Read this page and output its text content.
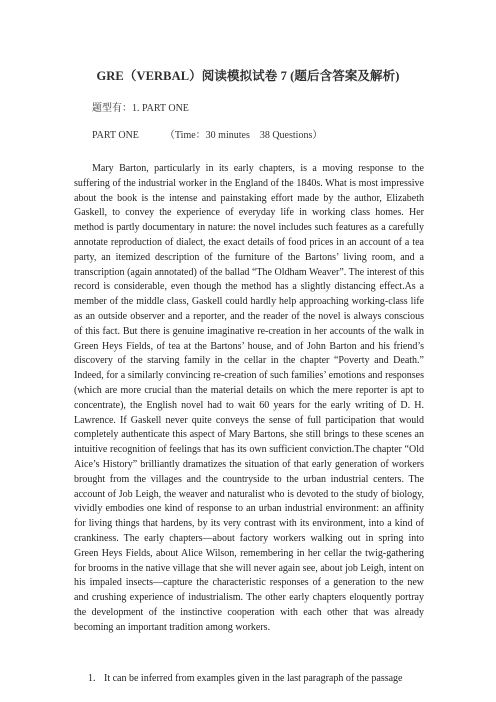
GRE（VERBAL）阅读模拟试卷 7 (题后含答案及解析)
题型有：1. PART ONE
PART ONE	（Time：30 minutes　38 Questions）

Mary Barton, particularly in its early chapters, is a moving response to the suffering of the industrial worker in the England of the 1840s. What is most impressive about the book is the intense and painstaking effort made by the author, Elizabeth Gaskell, to convey the experience of everyday life in working class homes. Her method is partly documentary in nature: the novel includes such features as a carefully annotate reproduction of dialect, the exact details of food prices in an account of a tea party, an itemized description of the furniture of the Bartons’ living room, and a transcription (again annotated) of the ballad “The Oldham Weaver”. The interest of this record is considerable, even though the method has a slightly distancing effect.As a member of the middle class, Gaskell could hardly help approaching working-class life as an outside observer and a reporter, and the reader of the novel is always conscious of this fact. But there is genuine imaginative re-creation in her accounts of the walk in Green Heys Fields, of tea at the Bartons’ house, and of John Barton and his friend’s discovery of the starving family in the cellar in the chapter “Poverty and Death.” Indeed, for a similarly convincing re-creation of such families’ emotions and responses (which are more crucial than the material details on which the mere reporter is apt to concentrate), the English novel had to wait 60 years for the early writing of D. H. Lawrence. If Gaskell never quite conveys the sense of full participation that would completely authenticate this aspect of Mary Bartons, she still brings to these scenes an intuitive recognition of feelings that has its own sufficient conviction.The chapter “Old Aice’s History” brilliantly dramatizes the situation of that early generation of workers brought from the villages and the countryside to the urban industrial centers. The account of Job Leigh, the weaver and naturalist who is devoted to the study of biology, vividly embodies one kind of response to an urban industrial environment: an affinity for living things that hardens, by its very contrast with its environment, into a kind of crankiness. The early chapters—about factory workers walking out in spring into Green Heys Fields, about Alice Wilson, remembering in her cellar the twig-gathering for brooms in the native village that she will never again see, about job Leigh, intent on his impaled insects—capture the characteristic responses of a generation to the new and crushing experience of industrialism. The other early chapters eloquently portray the development of the instinctive cooperation with each other that was already becoming an important tradition among workers.

1. It can be inferred from examples given in the last paragraph of the passage
